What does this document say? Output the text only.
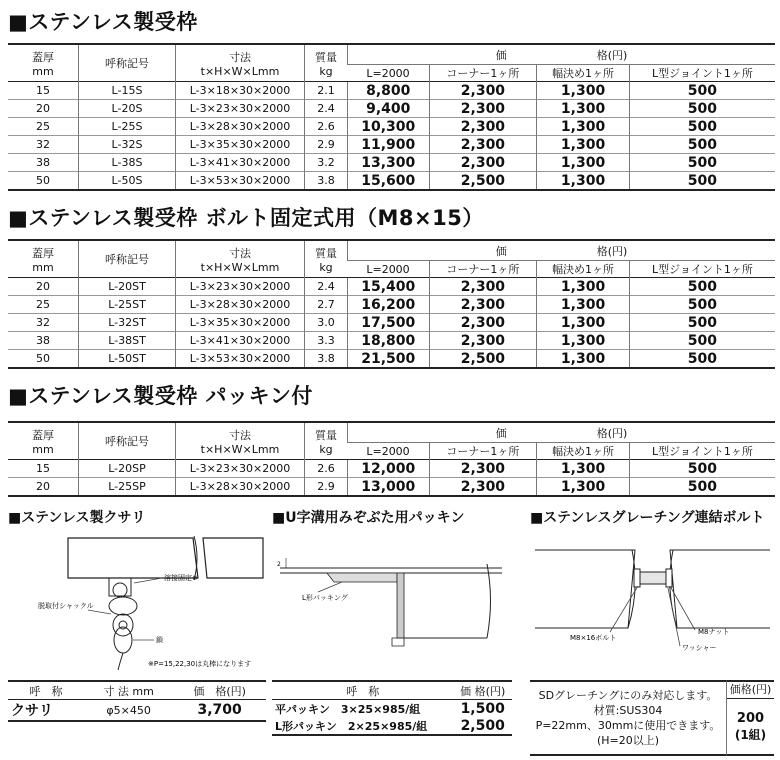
■ステンレス製受枠
蓋厚
mm	呼称記号	寸法
t×H×W×Lmm	質量
kg	価 格(円)			
				L=2000	コーナー1ヶ所	幅決め1ヶ所	L型ジョイント1ヶ所
15	L-15S	L-3×18×30×2000	2.1	8,800	2,300	1,300	500
20	L-20S	L-3×23×30×2000	2.4	9,400	2,300	1,300	500
25	L-25S	L-3×28×30×2000	2.6	10,300	2,300	1,300	500
32	L-32S	L-3×35×30×2000	2.9	11,900	2,300	1,300	500
38	L-38S	L-3×41×30×2000	3.2	13,300	2,300	1,300	500
50	L-50S	L-3×53×30×2000	3.8	15,600	2,500	1,300	500
■ステンレス製受枠 ボルト固定式用（M8×15）
蓋厚
mm	呼称記号	寸法
t×H×W×Lmm	質量
kg	価 格(円)			
				L=2000	コーナー1ヶ所	幅決め1ヶ所	L型ジョイント1ヶ所
20	L-20ST	L-3×23×30×2000	2.4	15,400	2,300	1,300	500
25	L-25ST	L-3×28×30×2000	2.7	16,200	2,300	1,300	500
32	L-32ST	L-3×35×30×2000	3.0	17,500	2,300	1,300	500
38	L-38ST	L-3×41×30×2000	3.3	18,800	2,300	1,300	500
50	L-50ST	L-3×53×30×2000	3.8	21,500	2,500	1,300	500
■ステンレス製受枠 パッキン付
蓋厚
mm	呼称記号	寸法
t×H×W×Lmm	質量
kg	価 格(円)			
				L=2000	コーナー1ヶ所	幅決め1ヶ所	L型ジョイント1ヶ所
15	L-20SP	L-3×23×30×2000	2.6	12,000	2,300	1,300	500
20	L-25SP	L-3×28×30×2000	2.9	13,000	2,300	1,300	500
■ステンレス製クサリ
溶接固定※
脱取付シャックル
鎖
※P=15,22,30は丸棒になります
呼　称	寸 法 mm	価　格(円)
クサリ	φ5×450	3,700
■U字溝用みぞぶた用パッキン
2
L形パッキング
呼　称	価 格(円)
平パッキン　3×25×985/組	1,500
L形パッキン　2×25×985/組	2,500
■ステンレスグレーチング連結ボルト
M8×16ボルト
M8ナット
ワッシャー
SDグレーチングにのみ対応します。
材質:SUS304
P=22mm、30mmに使用できます。
(H=20以上)
価格(円)
200
(1組)
